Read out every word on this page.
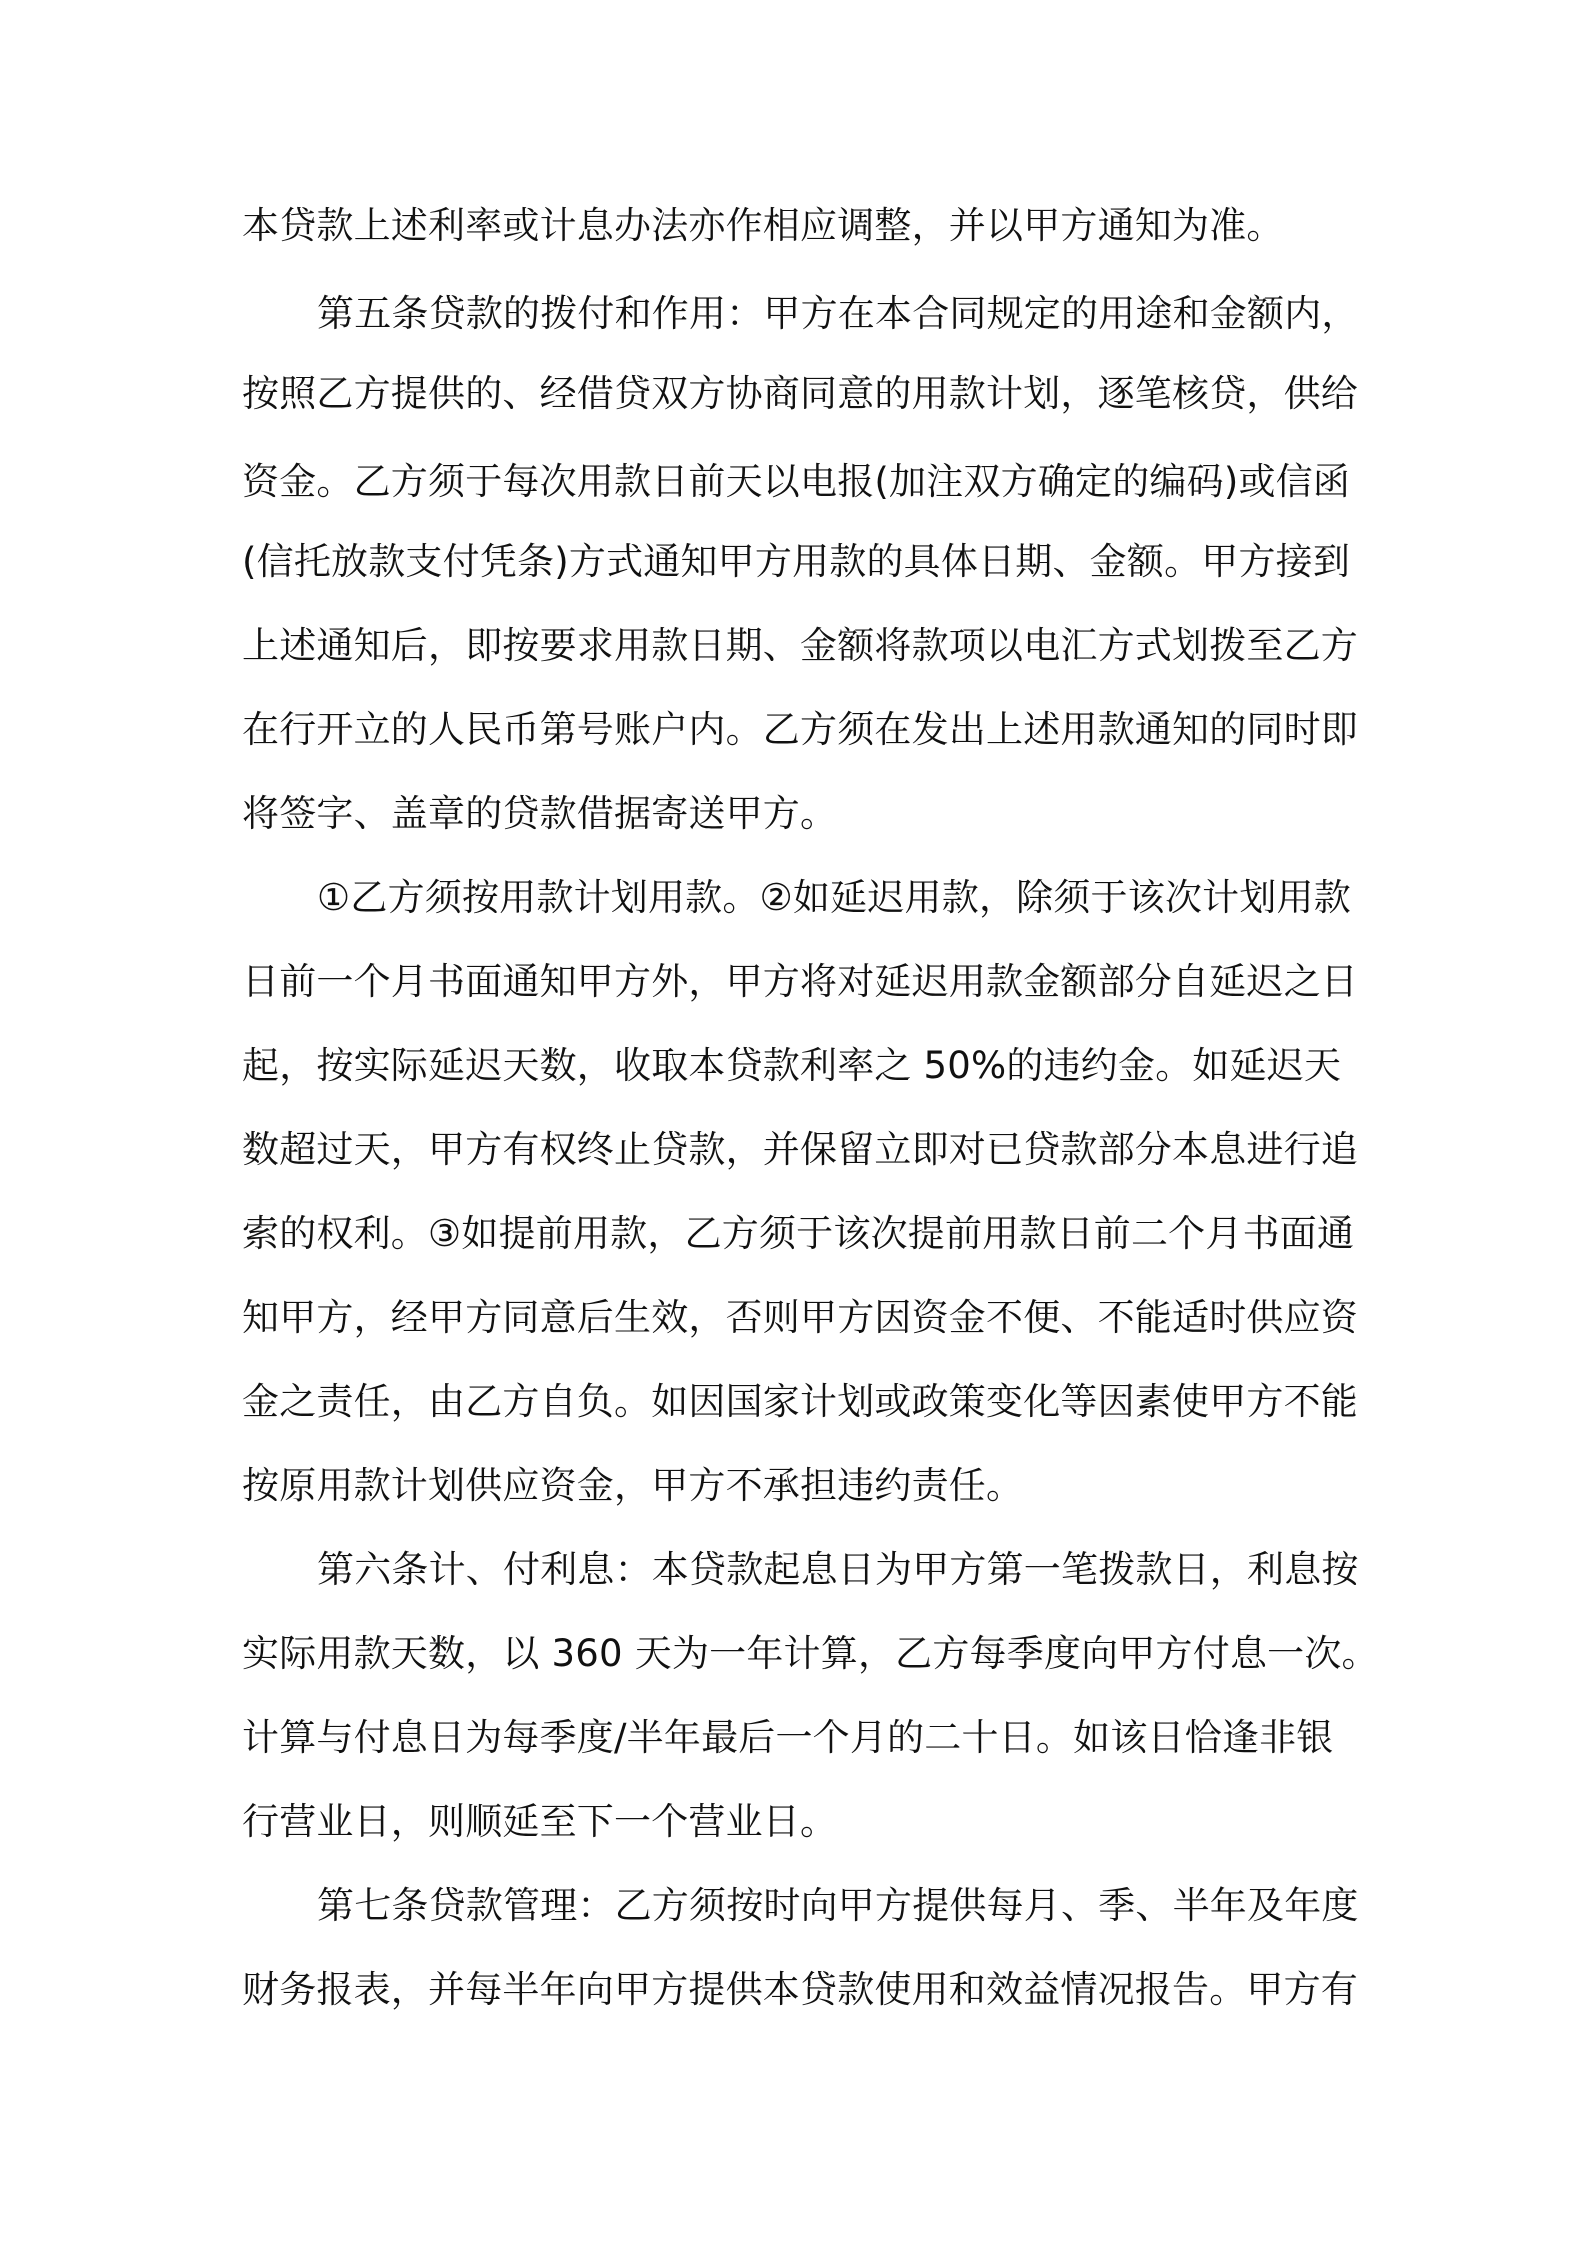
本贷款上述利率或计息办法亦作相应调整，并以甲方通知为准。

第五条贷款的拨付和作用：甲方在本合同规定的用途和金额内，

按照乙方提供的、经借贷双方协商同意的用款计划，逐笔核贷，供给

资金。乙方须于每次用款日前天以电报(加注双方确定的编码)或信函

(信托放款支付凭条)方式通知甲方用款的具体日期、金额。甲方接到

上述通知后，即按要求用款日期、金额将款项以电汇方式划拨至乙方

在行开立的人民币第号账户内。乙方须在发出上述用款通知的同时即

将签字、盖章的贷款借据寄送甲方。

①乙方须按用款计划用款。②如延迟用款，除须于该次计划用款

日前一个月书面通知甲方外，甲方将对延迟用款金额部分自延迟之日

起，按实际延迟天数，收取本贷款利率之 50%的违约金。如延迟天

数超过天，甲方有权终止贷款，并保留立即对已贷款部分本息进行追

索的权利。③如提前用款，乙方须于该次提前用款日前二个月书面通

知甲方，经甲方同意后生效，否则甲方因资金不便、不能适时供应资

金之责任，由乙方自负。如因国家计划或政策变化等因素使甲方不能

按原用款计划供应资金，甲方不承担违约责任。

第六条计、付利息：本贷款起息日为甲方第一笔拨款日，利息按

实际用款天数，以 360 天为一年计算，乙方每季度向甲方付息一次。

计算与付息日为每季度/半年最后一个月的二十日。如该日恰逢非银

行营业日，则顺延至下一个营业日。

第七条贷款管理：乙方须按时向甲方提供每月、季、半年及年度

财务报表，并每半年向甲方提供本贷款使用和效益情况报告。甲方有
